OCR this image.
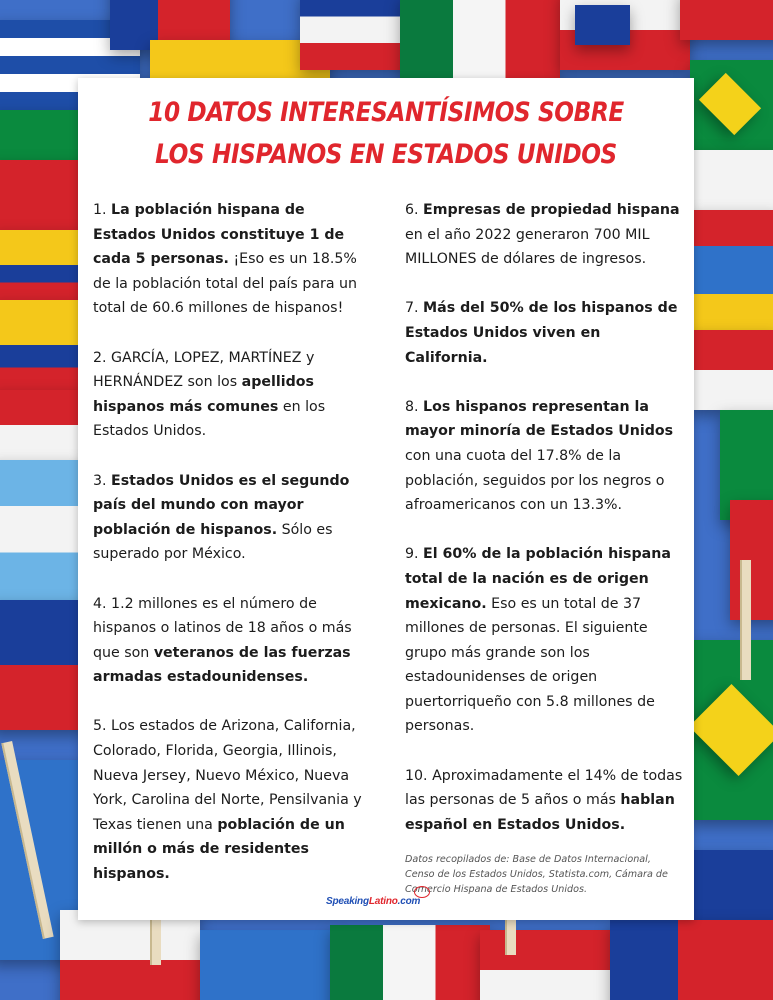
10 DATOS INTERESANTÍSIMOS SOBRE
LOS HISPANOS EN ESTADOS UNIDOS
1. La población hispana de Estados Unidos constituye 1 de cada 5 personas. ¡Eso es un 18.5% de la población total del país para un total de 60.6 millones de hispanos!
2. GARCÍA, LOPEZ, MARTÍNEZ y HERNÁNDEZ son los apellidos hispanos más comunes en los Estados Unidos.
3. Estados Unidos es el segundo país del mundo con mayor población de hispanos. Sólo es superado por México.
4. 1.2 millones es el número de hispanos o latinos de 18 años o más que son veteranos de las fuerzas armadas estadounidenses.
5. Los estados de Arizona, California, Colorado, Florida, Georgia, Illinois, Nueva Jersey, Nuevo México, Nueva York, Carolina del Norte, Pensilvania y Texas tienen una población de un millón o más de residentes hispanos.
6. Empresas de propiedad hispana en el año 2022 generaron 700 MIL MILLONES de dólares de ingresos.
7. Más del 50% de los hispanos de Estados Unidos viven en California.
8. Los hispanos representan la mayor minoría de Estados Unidos con una cuota del 17.8% de la población, seguidos por los negros o afroamericanos con un 13.3%.
9. El 60% de la población hispana total de la nación es de origen mexicano. Eso es un total de 37 millones de personas. El siguiente grupo más grande son los estadounidenses de origen puertorriqueño con 5.8 millones de personas.
10. Aproximadamente el 14% de todas las personas de 5 años o más hablan español en Estados Unidos.
Datos recopilados de: Base de Datos Internacional, Censo de los Estados Unidos, Statista.com, Cámara de Comercio Hispana de Estados Unidos.
SpeakingLatino.com
